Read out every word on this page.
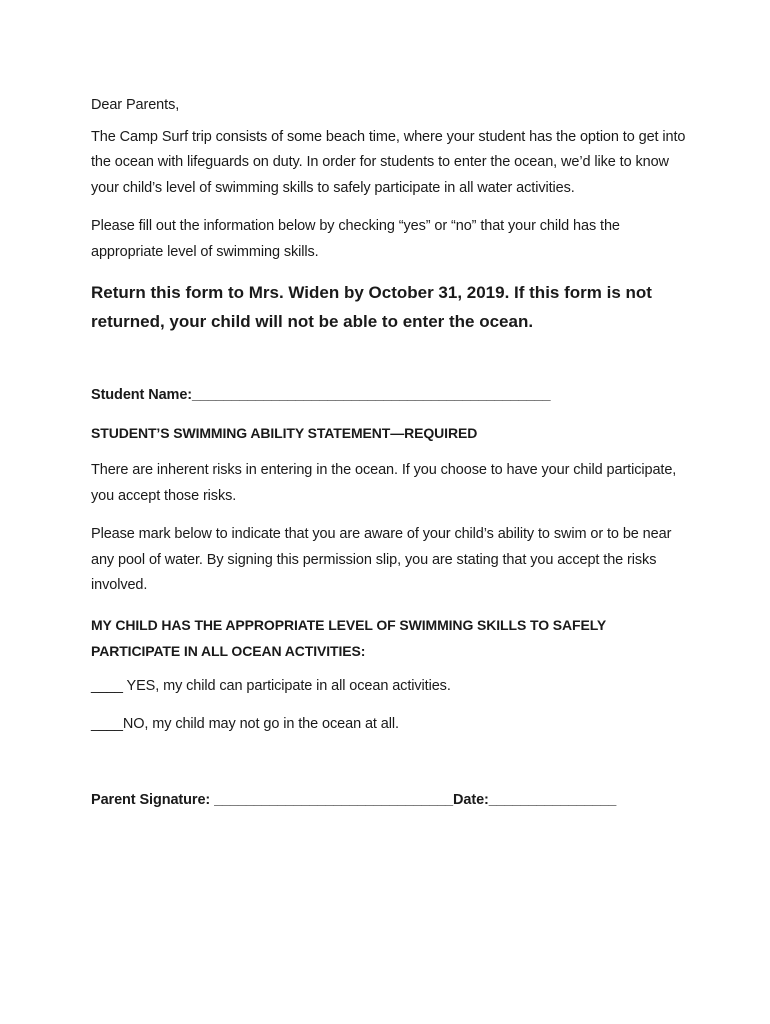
Dear Parents,

The Camp Surf trip consists of some beach time, where your student has the option to get into the ocean with lifeguards on duty. In order for students to enter the ocean, we’d like to know your child’s level of swimming skills to safely participate in all water activities.

Please fill out the information below by checking “yes” or “no” that your child has the appropriate level of swimming skills.

Return this form to Mrs. Widen by October 31, 2019. If this form is not returned, your child will not be able to enter the ocean.

Student Name:_____________________________________________

STUDENT’S SWIMMING ABILITY STATEMENT—REQUIRED

There are inherent risks in entering in the ocean. If you choose to have your child participate, you accept those risks.

Please mark below to indicate that you are aware of your child’s ability to swim or to be near any pool of water. By signing this permission slip, you are stating that you accept the risks involved.

MY CHILD HAS THE APPROPRIATE LEVEL OF SWIMMING SKILLS TO SAFELY PARTICIPATE IN ALL OCEAN ACTIVITIES:

____ YES, my child can participate in all ocean activities.

____NO, my child may not go in the ocean at all.

Parent Signature: ______________________________Date:________________
